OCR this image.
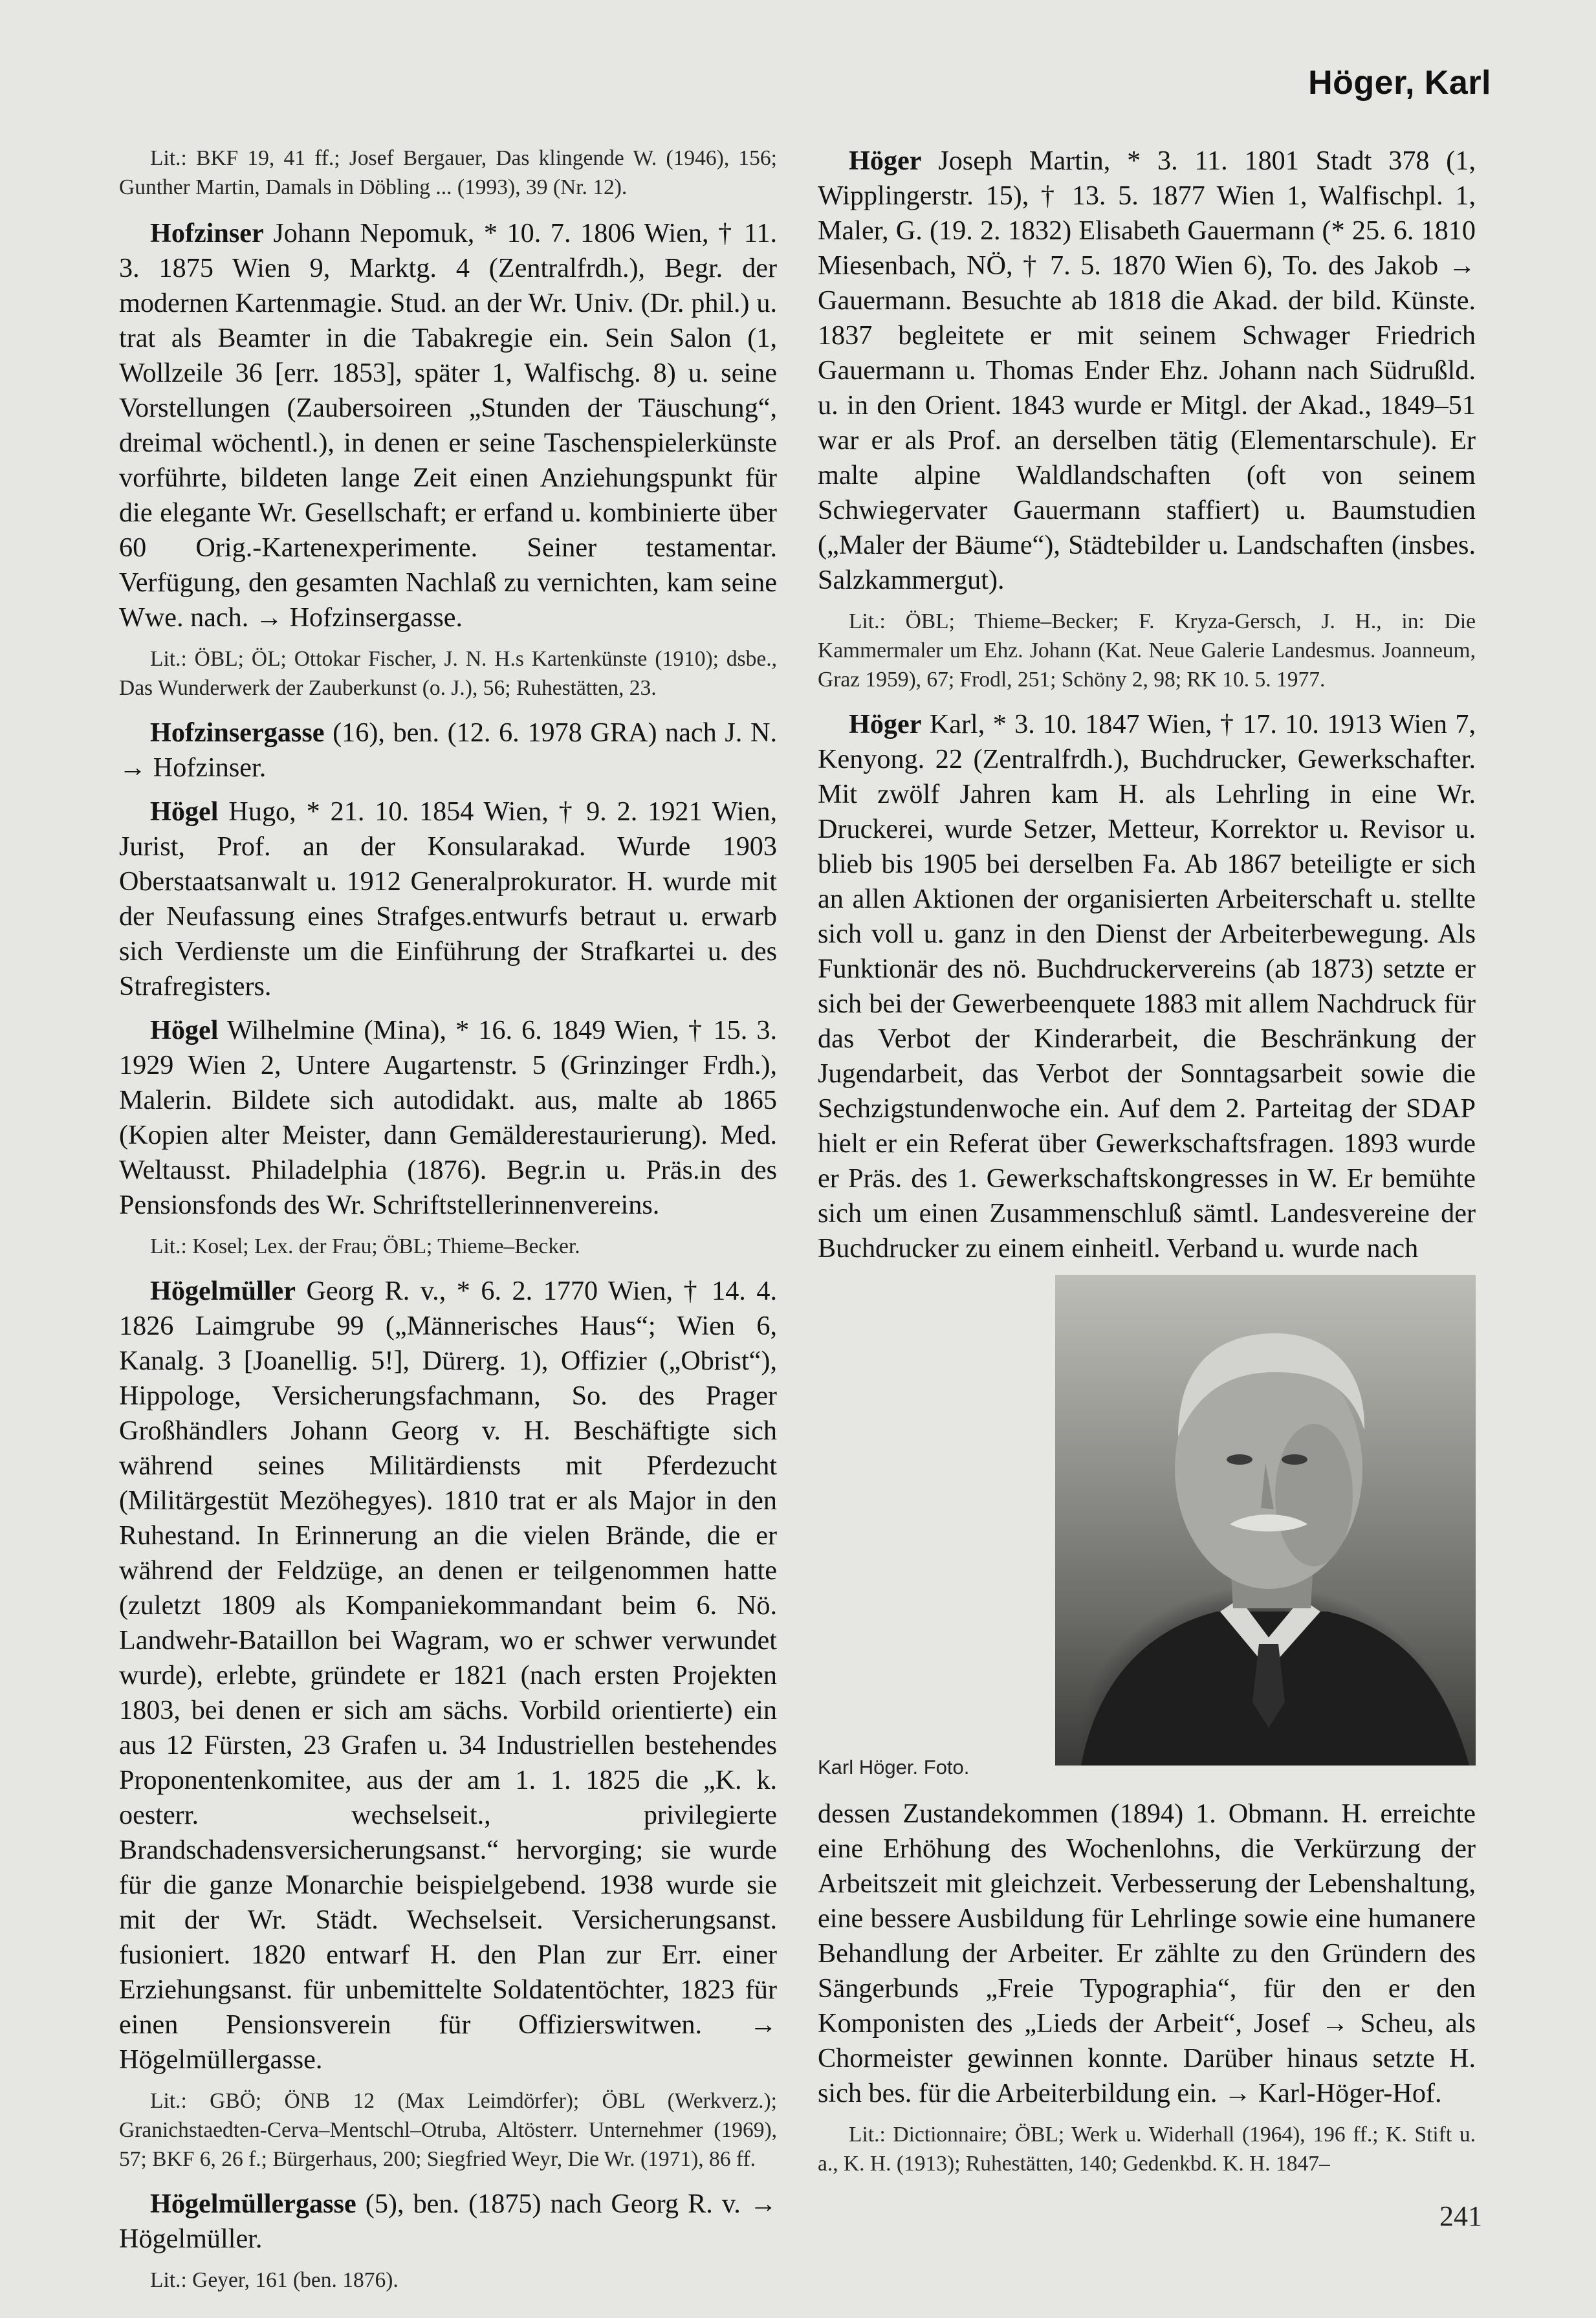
Höger, Karl

Lit.: BKF 19, 41 ff.; Josef Bergauer, Das klingende W. (1946), 156; Gunther Martin, Damals in Döbling ... (1993), 39 (Nr. 12).

Hofzinser Johann Nepomuk, * 10. 7. 1806 Wien, † 11. 3. 1875 Wien 9, Marktg. 4 (Zentralfrdh.), Begr. der modernen Kartenmagie. Stud. an der Wr. Univ. (Dr. phil.) u. trat als Beamter in die Tabakregie ein. Sein Salon (1, Wollzeile 36 [err. 1853], später 1, Walfischg. 8) u. seine Vorstellungen (Zaubersoireen „Stunden der Täuschung“, dreimal wöchentl.), in denen er seine Taschenspielerkünste vorführte, bildeten lange Zeit einen Anziehungspunkt für die elegante Wr. Gesellschaft; er erfand u. kombinierte über 60 Orig.-Kartenexperimente. Seiner testamentar. Verfügung, den gesamten Nachlaß zu vernichten, kam seine Wwe. nach. → Hofzinsergasse.

Lit.: ÖBL; ÖL; Ottokar Fischer, J. N. H.s Kartenkünste (1910); dsbe., Das Wunderwerk der Zauberkunst (o. J.), 56; Ruhestätten, 23.

Hofzinsergasse (16), ben. (12. 6. 1978 GRA) nach J. N. → Hofzinser.

Högel Hugo, * 21. 10. 1854 Wien, † 9. 2. 1921 Wien, Jurist, Prof. an der Konsularakad. Wurde 1903 Oberstaatsanwalt u. 1912 Generalprokurator. H. wurde mit der Neufassung eines Strafges.entwurfs betraut u. erwarb sich Verdienste um die Einführung der Strafkartei u. des Strafregisters.

Högel Wilhelmine (Mina), * 16. 6. 1849 Wien, † 15. 3. 1929 Wien 2, Untere Augartenstr. 5 (Grinzinger Frdh.), Malerin. Bildete sich autodidakt. aus, malte ab 1865 (Kopien alter Meister, dann Gemälderestaurierung). Med. Weltausst. Philadelphia (1876). Begr.in u. Präs.in des Pensionsfonds des Wr. Schriftstellerinnenvereins.

Lit.: Kosel; Lex. der Frau; ÖBL; Thieme–Becker.

Högelmüller Georg R. v., * 6. 2. 1770 Wien, † 14. 4. 1826 Laimgrube 99 („Männerisches Haus“; Wien 6, Kanalg. 3 [Joanellig. 5!], Dürerg. 1), Offizier („Obrist“), Hippologe, Versicherungsfachmann, So. des Prager Großhändlers Johann Georg v. H. Beschäftigte sich während seines Militärdiensts mit Pferdezucht (Militärgestüt Mezöhegyes). 1810 trat er als Major in den Ruhestand. In Erinnerung an die vielen Brände, die er während der Feldzüge, an denen er teilgenommen hatte (zuletzt 1809 als Kompaniekommandant beim 6. Nö. Landwehr-Bataillon bei Wagram, wo er schwer verwundet wurde), erlebte, gründete er 1821 (nach ersten Projekten 1803, bei denen er sich am sächs. Vorbild orientierte) ein aus 12 Fürsten, 23 Grafen u. 34 Industriellen bestehendes Proponentenkomitee, aus der am 1. 1. 1825 die „K. k. oesterr. wechselseit., privilegierte Brandschadensversicherungsanst.“ hervorging; sie wurde für die ganze Monarchie beispielgebend. 1938 wurde sie mit der Wr. Städt. Wechselseit. Versicherungsanst. fusioniert. 1820 entwarf H. den Plan zur Err. einer Erziehungsanst. für unbemittelte Soldatentöchter, 1823 für einen Pensionsverein für Offizierswitwen. → Högelmüllergasse.

Lit.: GBÖ; ÖNB 12 (Max Leimdörfer); ÖBL (Werkverz.); Granichstaedten-Cerva–Mentschl–Otruba, Altösterr. Unternehmer (1969), 57; BKF 6, 26 f.; Bürgerhaus, 200; Siegfried Weyr, Die Wr. (1971), 86 ff.

Högelmüllergasse (5), ben. (1875) nach Georg R. v. → Högelmüller.

Lit.: Geyer, 161 (ben. 1876).

Höger Joseph Martin, * 3. 11. 1801 Stadt 378 (1, Wipplingerstr. 15), † 13. 5. 1877 Wien 1, Walfischpl. 1, Maler, G. (19. 2. 1832) Elisabeth Gauermann (* 25. 6. 1810 Miesenbach, NÖ, † 7. 5. 1870 Wien 6), To. des Jakob → Gauermann. Besuchte ab 1818 die Akad. der bild. Künste. 1837 begleitete er mit seinem Schwager Friedrich Gauermann u. Thomas Ender Ehz. Johann nach Südrußld. u. in den Orient. 1843 wurde er Mitgl. der Akad., 1849–51 war er als Prof. an derselben tätig (Elementarschule). Er malte alpine Waldlandschaften (oft von seinem Schwiegervater Gauermann staffiert) u. Baumstudien („Maler der Bäume“), Städtebilder u. Landschaften (insbes. Salzkammergut).

Lit.: ÖBL; Thieme–Becker; F. Kryza-Gersch, J. H., in: Die Kammermaler um Ehz. Johann (Kat. Neue Galerie Landesmus. Joanneum, Graz 1959), 67; Frodl, 251; Schöny 2, 98; RK 10. 5. 1977.

Höger Karl, * 3. 10. 1847 Wien, † 17. 10. 1913 Wien 7, Kenyong. 22 (Zentralfrdh.), Buchdrucker, Gewerkschafter. Mit zwölf Jahren kam H. als Lehrling in eine Wr. Druckerei, wurde Setzer, Metteur, Korrektor u. Revisor u. blieb bis 1905 bei derselben Fa. Ab 1867 beteiligte er sich an allen Aktionen der organisierten Arbeiterschaft u. stellte sich voll u. ganz in den Dienst der Arbeiterbewegung. Als Funktionär des nö. Buchdruckervereins (ab 1873) setzte er sich bei der Gewerbeenquete 1883 mit allem Nachdruck für das Verbot der Kinderarbeit, die Beschränkung der Jugendarbeit, das Verbot der Sonntagsarbeit sowie die Sechzigstundenwoche ein. Auf dem 2. Parteitag der SDAP hielt er ein Referat über Gewerkschaftsfragen. 1893 wurde er Präs. des 1. Gewerkschaftskongresses in W. Er bemühte sich um einen Zusammenschluß sämtl. Landesvereine der Buchdrucker zu einem einheitl. Verband u. wurde nach

Karl Höger. Foto.

dessen Zustandekommen (1894) 1. Obmann. H. erreichte eine Erhöhung des Wochenlohns, die Verkürzung der Arbeitszeit mit gleichzeit. Verbesserung der Lebenshaltung, eine bessere Ausbildung für Lehrlinge sowie eine humanere Behandlung der Arbeiter. Er zählte zu den Gründern des Sängerbunds „Freie Typographia“, für den er den Komponisten des „Lieds der Arbeit“, Josef → Scheu, als Chormeister gewinnen konnte. Darüber hinaus setzte H. sich bes. für die Arbeiterbildung ein. → Karl-Höger-Hof.

Lit.: Dictionnaire; ÖBL; Werk u. Widerhall (1964), 196 ff.; K. Stift u. a., K. H. (1913); Ruhestätten, 140; Gedenkbd. K. H. 1847–

241
